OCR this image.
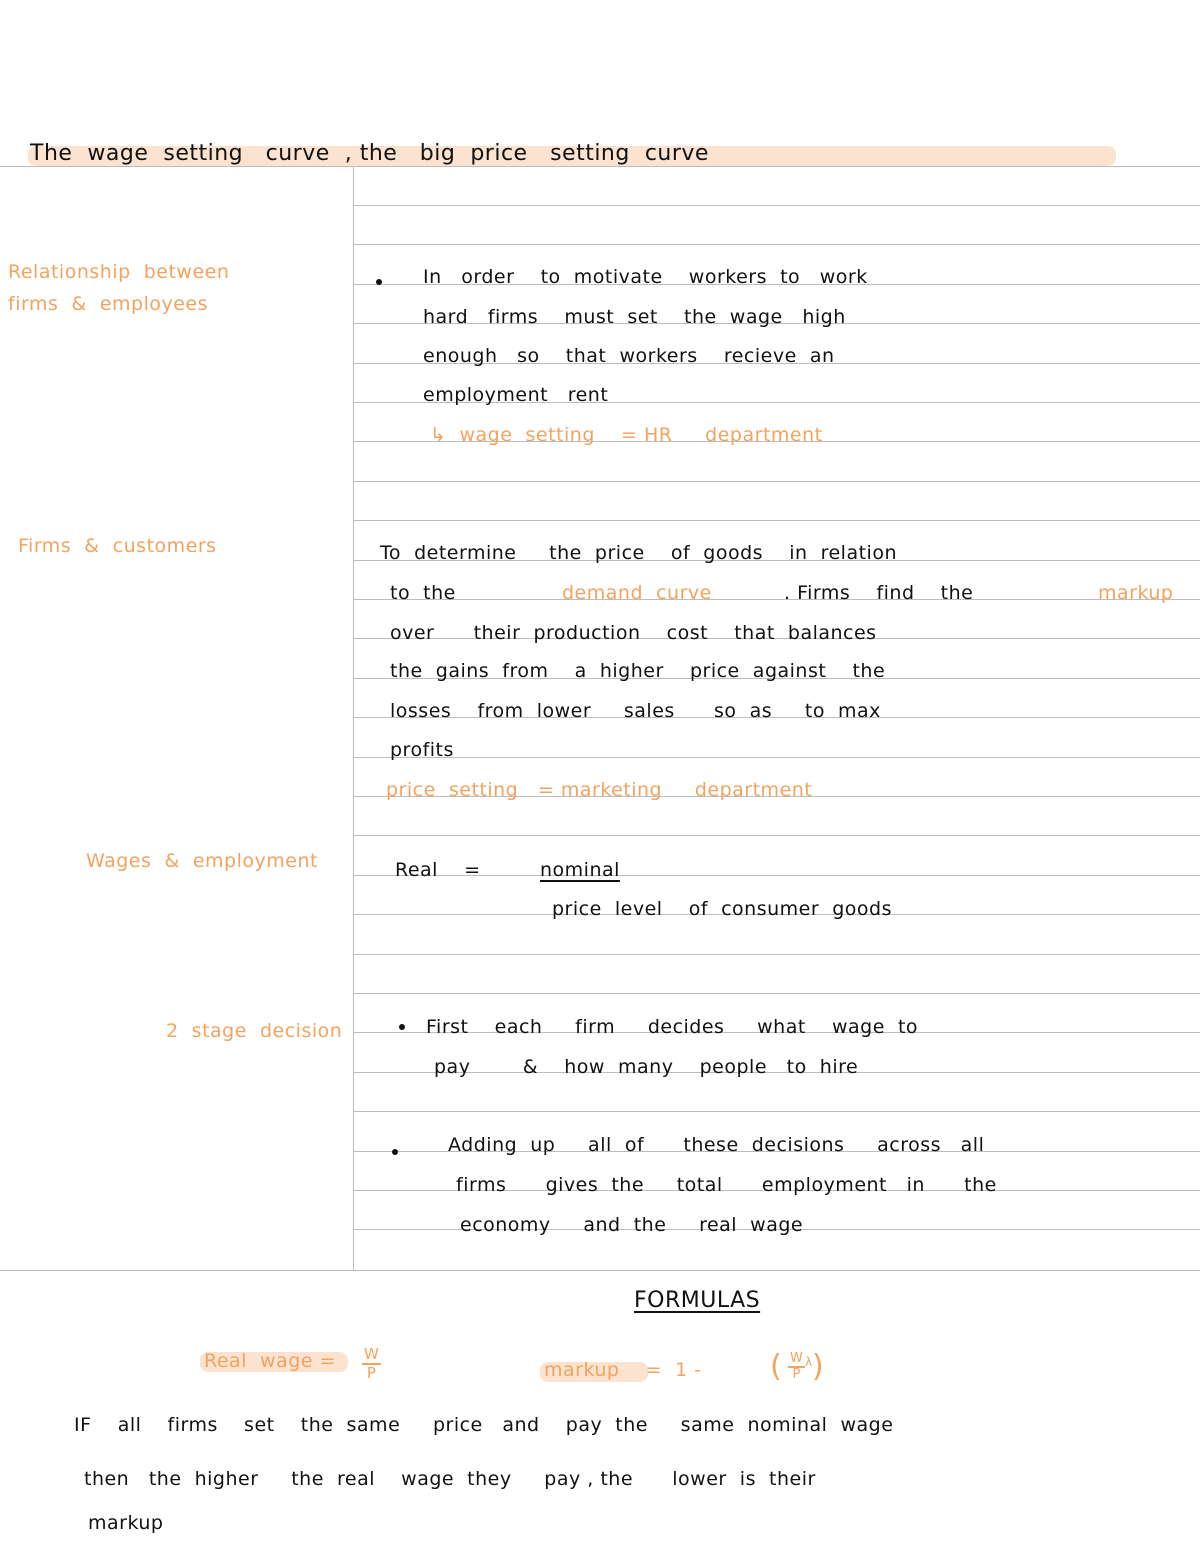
The  wage  setting   curve  , the   big  price   setting  curve
Relationship  between
firms  &  employees
In   order    to  motivate    workers  to   work
hard   firms    must  set    the  wage   high
enough   so    that  workers    recieve  an
employment   rent
↳  wage  setting    = HR     department
Firms  &  customers	To  determine     the  price    of  goods    in  relation
to  the	demand  curve	. Firms    find    the	markup
over      their  production    cost    that  balances
the  gains  from    a  higher    price  against    the
losses    from  lower     sales      so  as     to  max
profits
price  setting   = marketing     department
Wages  &  employment	Real    =	nominal
price  level    of  consumer  goods
2  stage  decision	First    each     firm     decides     what    wage  to
pay        &    how  many    people   to  hire
Adding  up     all  of      these  decisions     across   all
firms      gives  the     total      employment   in      the
economy     and  the     real  wage
FORMULAS
Real  wage = $\frac{W}{P}$	markup    =  1 - ( $\frac{W}{P}$ λ )
IF    all    firms    set    the  same     price   and    pay  the     same  nominal  wage
then   the  higher     the  real    wage  they     pay , the      lower  is  their
markup
